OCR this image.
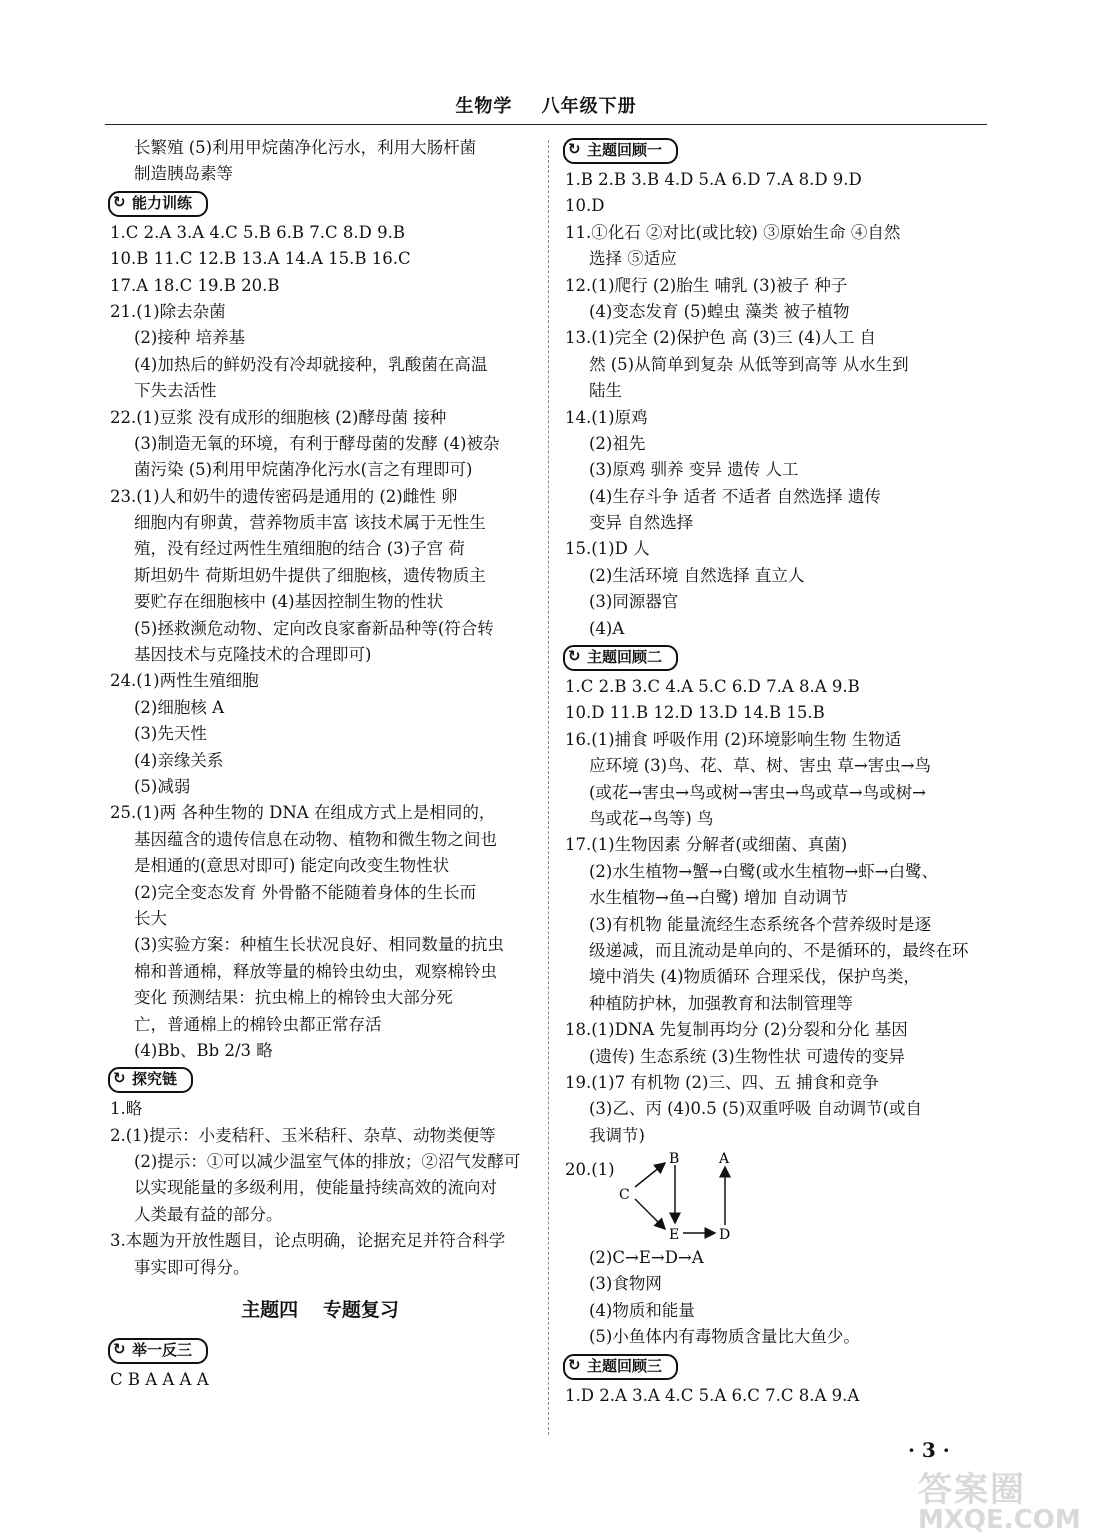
生物学 八年级下册
长繁殖 (5)利用甲烷菌净化污水，利用大肠杆菌
制造胰岛素等
↻ 能力训练
1.C 2.A 3.A 4.C 5.B 6.B 7.C 8.D 9.B
10.B 11.C 12.B 13.A 14.A 15.B 16.C
17.A 18.C 19.B 20.B
21.(1)除去杂菌
(2)接种 培养基
(4)加热后的鲜奶没有冷却就接种，乳酸菌在高温
下失去活性
22.(1)豆浆 没有成形的细胞核 (2)酵母菌 接种
(3)制造无氧的环境，有利于酵母菌的发酵 (4)被杂
菌污染 (5)利用甲烷菌净化污水(言之有理即可)
23.(1)人和奶牛的遗传密码是通用的 (2)雌性 卵
细胞内有卵黄，营养物质丰富 该技术属于无性生
殖，没有经过两性生殖细胞的结合 (3)子宫 荷
斯坦奶牛 荷斯坦奶牛提供了细胞核，遗传物质主
要贮存在细胞核中 (4)基因控制生物的性状
(5)拯救濒危动物、定向改良家畜新品种等(符合转
基因技术与克隆技术的合理即可)
24.(1)两性生殖细胞
(2)细胞核 A
(3)先天性
(4)亲缘关系
(5)减弱
25.(1)两 各种生物的 DNA 在组成方式上是相同的，
基因蕴含的遗传信息在动物、植物和微生物之间也
是相通的(意思对即可) 能定向改变生物性状
(2)完全变态发育 外骨骼不能随着身体的生长而
长大
(3)实验方案：种植生长状况良好、相同数量的抗虫
棉和普通棉，释放等量的棉铃虫幼虫，观察棉铃虫
变化 预测结果：抗虫棉上的棉铃虫大部分死
亡，普通棉上的棉铃虫都正常存活
(4)Bb、Bb 2/3 略
↻ 探究链
1.略
2.(1)提示：小麦秸秆、玉米秸秆、杂草、动物类便等
(2)提示：①可以减少温室气体的排放；②沼气发酵可
以实现能量的多级利用，使能量持续高效的流向对
人类最有益的部分。
3.本题为开放性题目，论点明确，论据充足并符合科学
事实即可得分。
主题四 专题复习
↻ 举一反三
C B A A A A
↻ 主题回顾一
1.B 2.B 3.B 4.D 5.A 6.D 7.A 8.D 9.D
10.D
11.①化石 ②对比(或比较) ③原始生命 ④自然
选择 ⑤适应
12.(1)爬行 (2)胎生 哺乳 (3)被子 种子
(4)变态发育 (5)蝗虫 藻类 被子植物
13.(1)完全 (2)保护色 高 (3)三 (4)人工 自
然 (5)从简单到复杂 从低等到高等 从水生到
陆生
14.(1)原鸡
(2)祖先
(3)原鸡 驯养 变异 遗传 人工
(4)生存斗争 适者 不适者 自然选择 遗传
变异 自然选择
15.(1)D 人
(2)生活环境 自然选择 直立人
(3)同源器官
(4)A
↻ 主题回顾二
1.C 2.B 3.C 4.A 5.C 6.D 7.A 8.A 9.B
10.D 11.B 12.D 13.D 14.B 15.B
16.(1)捕食 呼吸作用 (2)环境影响生物 生物适
应环境 (3)鸟、花、草、树、害虫 草→害虫→鸟
(或花→害虫→鸟或树→害虫→鸟或草→鸟或树→
鸟或花→鸟等) 鸟
17.(1)生物因素 分解者(或细菌、真菌)
(2)水生植物→蟹→白鹭(或水生植物→虾→白鹭、
水生植物→鱼→白鹭) 增加 自动调节
(3)有机物 能量流经生态系统各个营养级时是逐
级递减，而且流动是单向的、不是循环的，最终在环
境中消失 (4)物质循环 合理采伐，保护鸟类，
种植防护林，加强教育和法制管理等
18.(1)DNA 先复制再均分 (2)分裂和分化 基因
(遗传) 生态系统 (3)生物性状 可遗传的变异
19.(1)7 有机物 (2)三、四、五 捕食和竞争
(3)乙、丙 (4)0.5 (5)双重呼吸 自动调节(或自
我调节)
20.(1)
B	A
C
E	D
(2)C→E→D→A
(3)食物网
(4)物质和能量
(5)小鱼体内有毒物质含量比大鱼少。
↻ 主题回顾三
1.D 2.A 3.A 4.C 5.A 6.C 7.C 8.A 9.A
· 3 ·
答案圈
MXQE.COM
